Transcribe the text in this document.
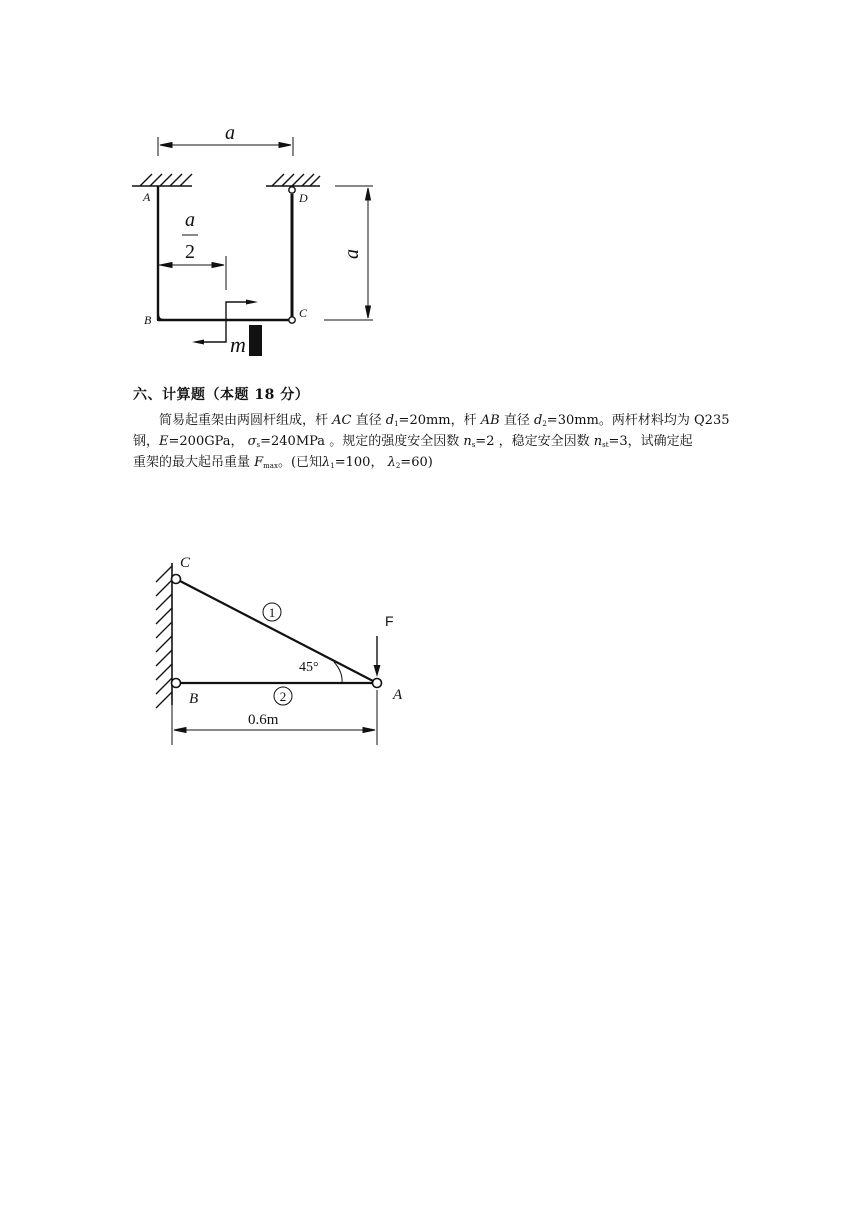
a
a
2	a
m
A	D
B	C
六、计算题（本题 18 分）
简易起重架由两圆杆组成，杆 AC 直径 $d_1=20mm$，杆 AB 直径 $d_2=30mm$。两杆材料均为 Q235
钢，E=200GPa， $\sigma_s=240MPa$ 。规定的强度安全因数 $n_s=2$ ，稳定安全因数 $n_{st}=3$，试确定起
重架的最大起吊重量 $F_{max}$。(已知$\lambda_1=100$， $\lambda_2=60$)
45°
1
2
F
C
B	A
0.6m
